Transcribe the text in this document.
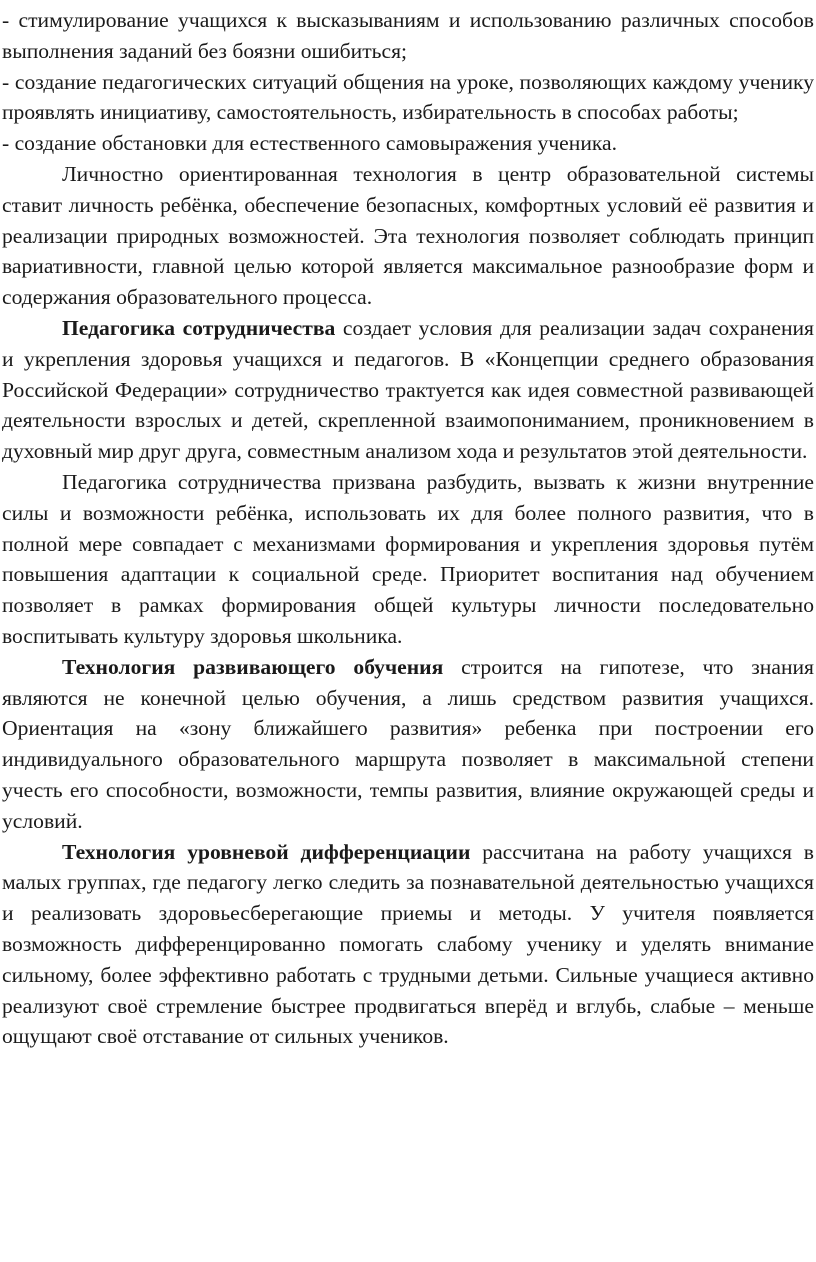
- стимулирование учащихся к высказываниям и использованию различных способов выполнения заданий без боязни ошибиться;

- создание педагогических ситуаций общения на уроке, позволяющих каждому ученику проявлять инициативу, самостоятельность, избирательность в способах работы;

- создание обстановки для естественного самовыражения ученика.

Личностно ориентированная технология в центр образовательной системы ставит личность ребёнка, обеспечение безопасных, комфортных условий её развития и реализации природных возможностей. Эта технология позволяет соблюдать принцип вариативности, главной целью которой является максимальное разнообразие форм и содержания образовательного процесса.

Педагогика сотрудничества создает условия для реализации задач сохранения и укрепления здоровья учащихся и педагогов. В «Концепции среднего образования Российской Федерации» сотрудничество трактуется как идея совместной развивающей деятельности взрослых и детей, скрепленной взаимопониманием, проникновением в духовный мир друг друга, совместным анализом хода и результатов этой деятельности.

Педагогика сотрудничества призвана разбудить, вызвать к жизни внутренние силы и возможности ребёнка, использовать их для более полного развития, что в полной мере совпадает с механизмами формирования и укрепления здоровья путём повышения адаптации к социальной среде. Приоритет воспитания над обучением позволяет в рамках формирования общей культуры личности последовательно воспитывать культуру здоровья школьника.

Технология развивающего обучения строится на гипотезе, что знания являются не конечной целью обучения, а лишь средством развития учащихся. Ориентация на «зону ближайшего развития» ребенка при построении его индивидуального образовательного маршрута позволяет в максимальной степени учесть его способности, возможности, темпы развития, влияние окружающей среды и условий.

Технология уровневой дифференциации рассчитана на работу учащихся в малых группах, где педагогу легко следить за познавательной деятельностью учащихся и реализовать здоровьесберегающие приемы и методы. У учителя появляется возможность дифференцированно помогать слабому ученику и уделять внимание сильному, более эффективно работать с трудными детьми. Сильные учащиеся активно реализуют своё стремление быстрее продвигаться вперёд и вглубь, слабые – меньше ощущают своё отставание от сильных учеников.
